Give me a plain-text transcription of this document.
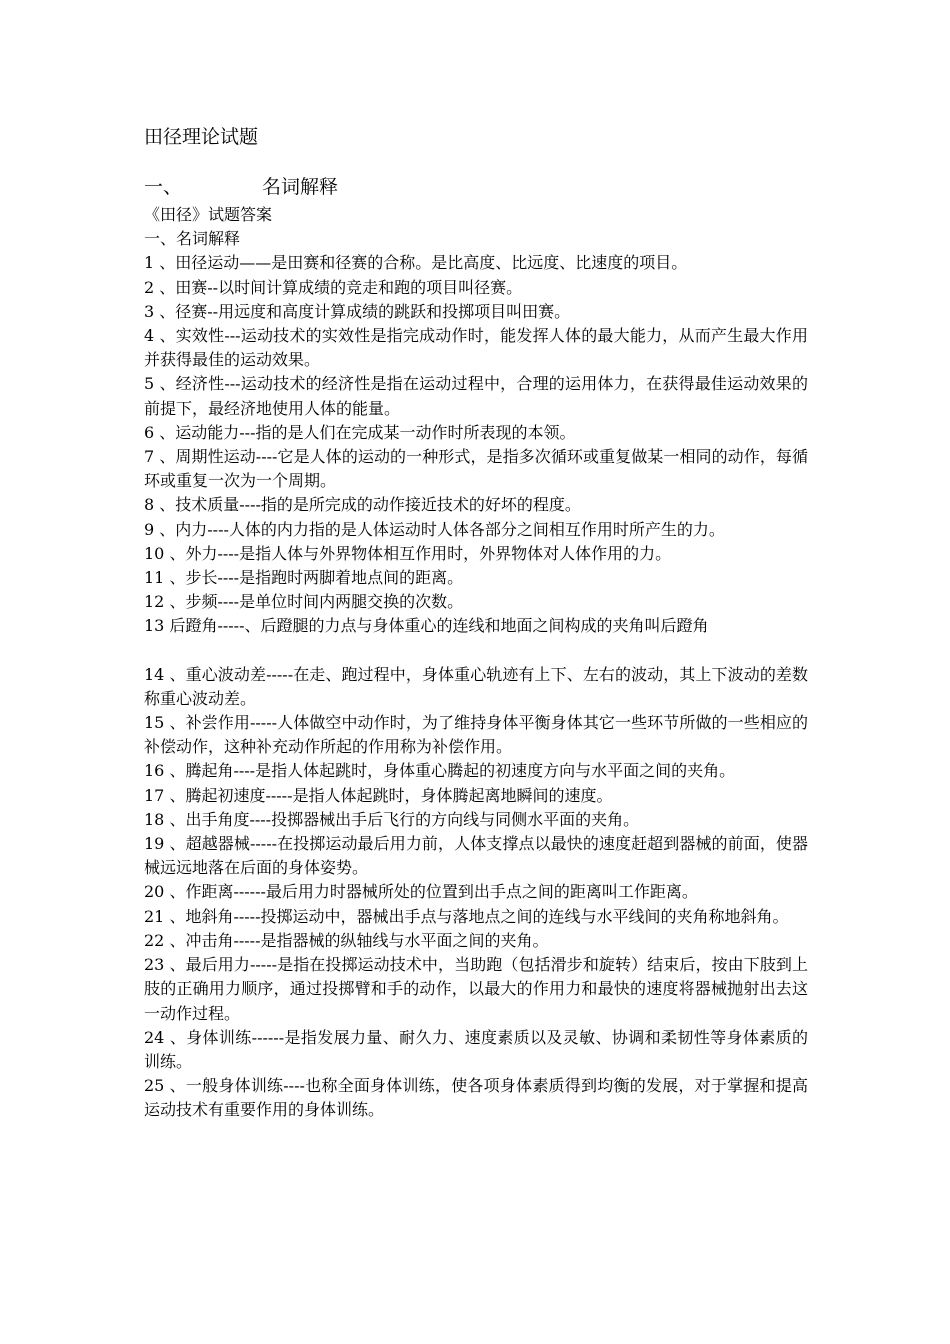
田径理论试题
一、	名词解释

《田径》试题答案

一、名词解释

1 、田径运动——是田赛和径赛的合称。是比高度、比远度、比速度的项目。

2 、田赛--以时间计算成绩的竞走和跑的项目叫径赛。

3 、径赛--用远度和高度计算成绩的跳跃和投掷项目叫田赛。

4 、实效性---运动技术的实效性是指完成动作时，能发挥人体的最大能力，从而产生最大作用并获得最佳的运动效果。

5 、经济性---运动技术的经济性是指在运动过程中，合理的运用体力，在获得最佳运动效果的前提下，最经济地使用人体的能量。

6 、运动能力---指的是人们在完成某一动作时所表现的本领。

7 、周期性运动----它是人体的运动的一种形式，是指多次循环或重复做某一相同的动作，每循环或重复一次为一个周期。

8 、技术质量----指的是所完成的动作接近技术的好坏的程度。

9 、内力----人体的内力指的是人体运动时人体各部分之间相互作用时所产生的力。

10 、外力----是指人体与外界物体相互作用时，外界物体对人体作用的力。

11 、步长----是指跑时两脚着地点间的距离。

12 、步频----是单位时间内两腿交换的次数。

13 后蹬角-----、后蹬腿的力点与身体重心的连线和地面之间构成的夹角叫后蹬角

14 、重心波动差-----在走、跑过程中，身体重心轨迹有上下、左右的波动，其上下波动的差数称重心波动差。

15 、补尝作用-----人体做空中动作时，为了维持身体平衡身体其它一些环节所做的一些相应的补偿动作，这种补充动作所起的作用称为补偿作用。

16 、腾起角----是指人体起跳时，身体重心腾起的初速度方向与水平面之间的夹角。

17 、腾起初速度-----是指人体起跳时，身体腾起离地瞬间的速度。

18 、出手角度----投掷器械出手后飞行的方向线与同侧水平面的夹角。

19 、超越器械-----在投掷运动最后用力前，人体支撑点以最快的速度赶超到器械的前面，使器械远远地落在后面的身体姿势。

20 、作距离------最后用力时器械所处的位置到出手点之间的距离叫工作距离。

21 、地斜角-----投掷运动中，器械出手点与落地点之间的连线与水平线间的夹角称地斜角。

22 、冲击角-----是指器械的纵轴线与水平面之间的夹角。

23 、最后用力-----是指在投掷运动技术中，当助跑（包括滑步和旋转）结束后，按由下肢到上肢的正确用力顺序，通过投掷臂和手的动作，以最大的作用力和最快的速度将器械抛射出去这一动作过程。

24 、身体训练------是指发展力量、耐久力、速度素质以及灵敏、协调和柔韧性等身体素质的训练。

25 、一般身体训练----也称全面身体训练，使各项身体素质得到均衡的发展，对于掌握和提高运动技术有重要作用的身体训练。
